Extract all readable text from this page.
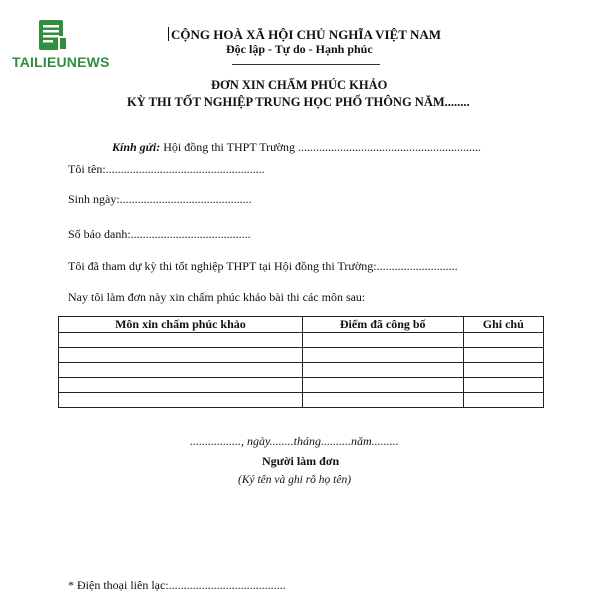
TAILIEUNEWS
CỘNG HOÀ XÃ HỘI CHỦ NGHĨA VIỆT NAM
Độc lập - Tự do - Hạnh phúc
ĐƠN XIN CHẤM PHÚC KHẢO
KỲ THI TỐT NGHIỆP TRUNG HỌC PHỔ THÔNG NĂM........
Kính gửi: Hội đồng thi THPT Trường .............................................................
Tôi tên:.....................................................
Sinh ngày:............................................
Số báo danh:........................................
Tôi đã tham dự kỳ thi tốt nghiệp THPT tại Hội đồng thi Trường:...........................
Nay tôi làm đơn này xin chấm phúc khảo bài thi các môn sau:
Môn xin chấm phúc khảo	Điểm đã công bố	Ghi chú

................., ngày........tháng..........năm.........
Người làm đơn
(Ký tên và ghi rõ họ tên)
* Điện thoại liên lạc:.......................................
